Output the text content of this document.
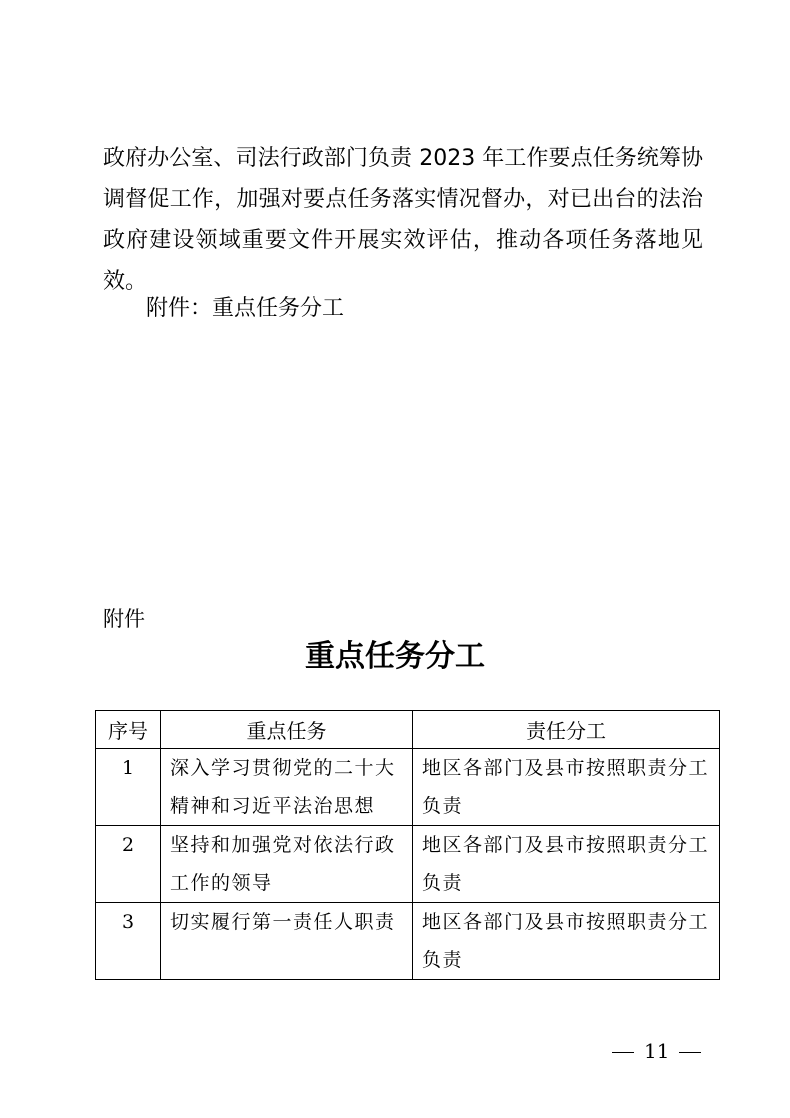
政府办公室、司法行政部门负责 2023 年工作要点任务统筹协调督促工作，加强对要点任务落实情况督办，对已出台的法治政府建设领域重要文件开展实效评估，推动各项任务落地见效。

附件：重点任务分工

附件

重点任务分工
序号	重点任务	责任分工
1	深入学习贯彻党的二十大精神和习近平法治思想	地区各部门及县市按照职责分工负责
2	坚持和加强党对依法行政工作的领导	地区各部门及县市按照职责分工负责
3	切实履行第一责任人职责	地区各部门及县市按照职责分工负责
11
